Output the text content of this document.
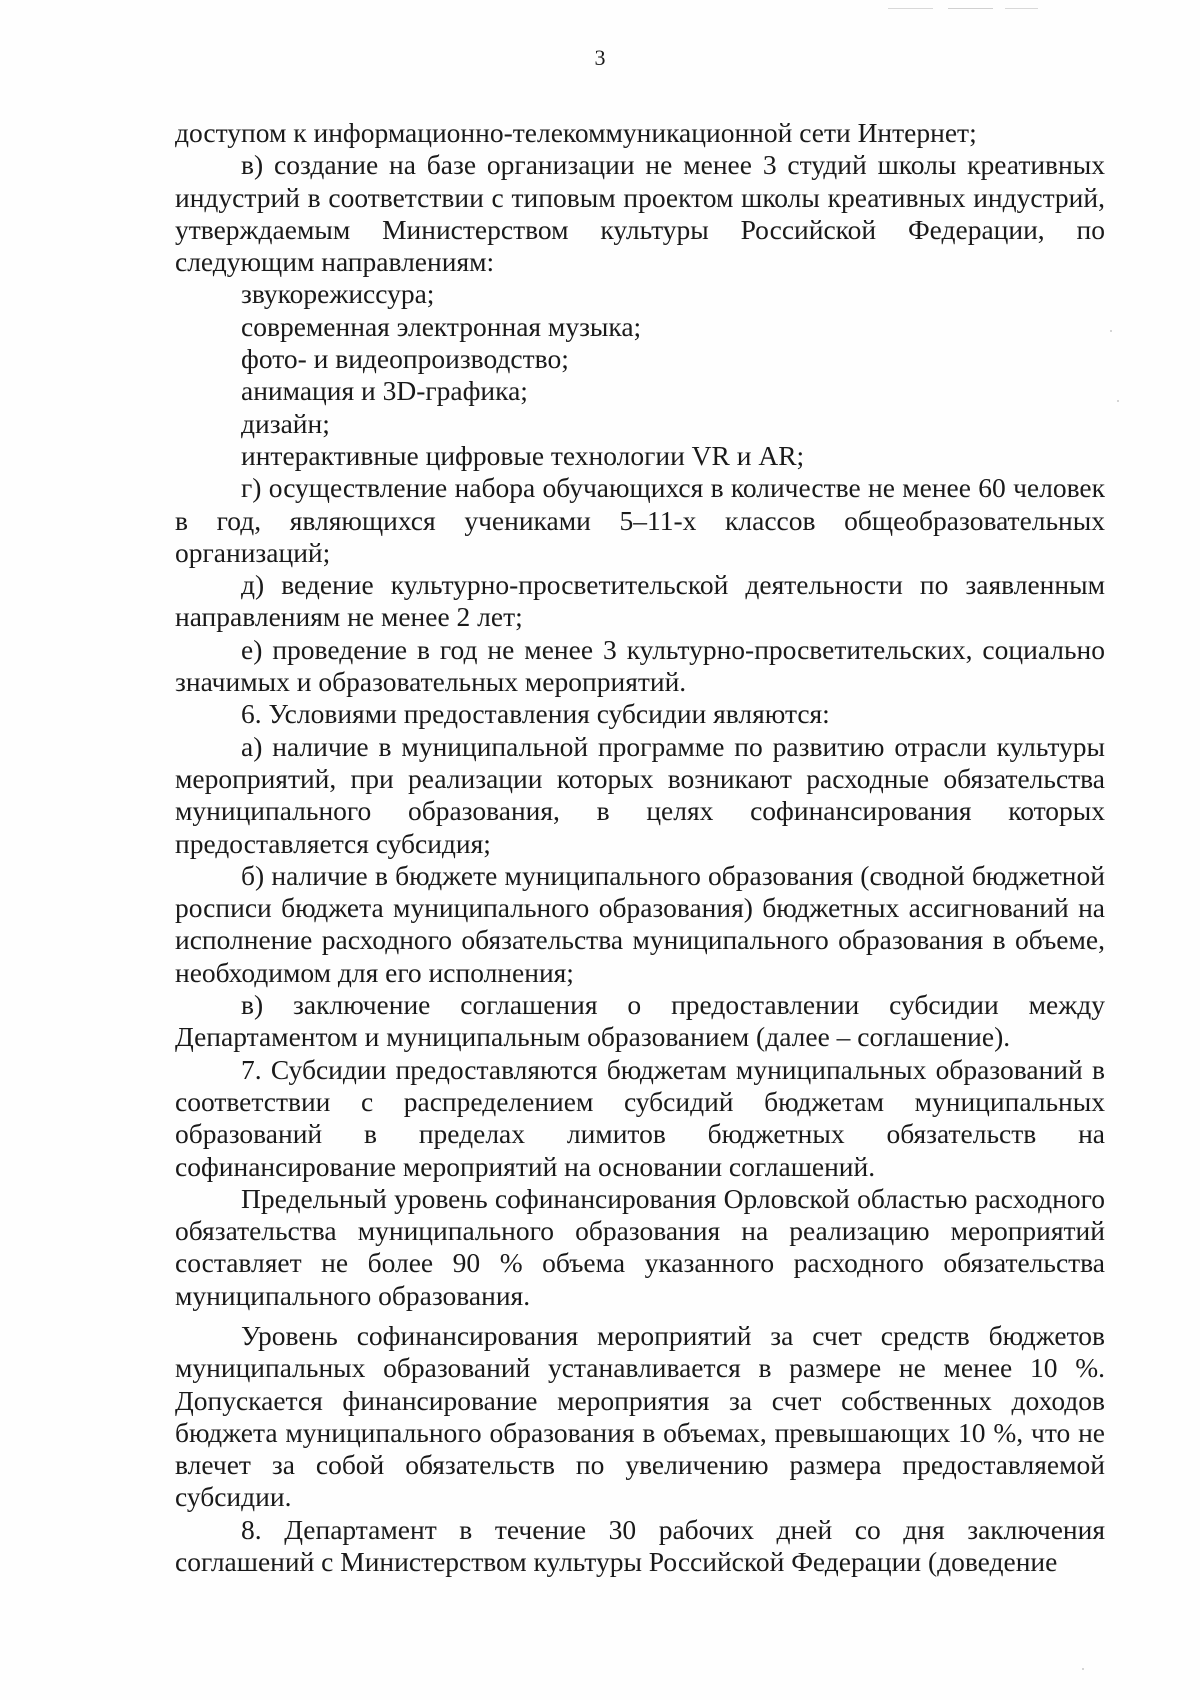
3

доступом к информационно-телекоммуникационной сети Интернет;

в) создание на базе организации не менее 3 студий школы креативных индустрий в соответствии с типовым проектом школы креативных индустрий, утверждаемым Министерством культуры Российской Федерации, по следующим направлениям:

звукорежиссура;

современная электронная музыка;

фото- и видеопроизводство;

анимация и 3D-графика;

дизайн;

интерактивные цифровые технологии VR и AR;

г) осуществление набора обучающихся в количестве не менее 60 человек в год, являющихся учениками 5–11-х классов общеобразовательных организаций;

д) ведение культурно-просветительской деятельности по заявленным направлениям не менее 2 лет;

е) проведение в год не менее 3 культурно-просветительских, социально значимых и образовательных мероприятий.

6. Условиями предоставления субсидии являются:

а) наличие в муниципальной программе по развитию отрасли культуры мероприятий, при реализации которых возникают расходные обязательства муниципального образования, в целях софинансирования которых предоставляется субсидия;

б) наличие в бюджете муниципального образования (сводной бюджетной росписи бюджета муниципального образования) бюджетных ассигнований на исполнение расходного обязательства муниципального образования в объеме, необходимом для его исполнения;

в) заключение соглашения о предоставлении субсидии между Департаментом и муниципальным образованием (далее – соглашение).

7. Субсидии предоставляются бюджетам муниципальных образований в соответствии с распределением субсидий бюджетам муниципальных образований в пределах лимитов бюджетных обязательств на софинансирование мероприятий на основании соглашений.

Предельный уровень софинансирования Орловской областью расходного обязательства муниципального образования на реализацию мероприятий составляет не более 90 % объема указанного расходного обязательства муниципального образования.

Уровень софинансирования мероприятий за счет средств бюджетов муниципальных образований устанавливается в размере не менее 10 %. Допускается финансирование мероприятия за счет собственных доходов бюджета муниципального образования в объемах, превышающих 10 %, что не влечет за собой обязательств по увеличению размера предоставляемой субсидии.

8. Департамент в течение 30 рабочих дней со дня заключения соглашений с Министерством культуры Российской Федерации (доведение
